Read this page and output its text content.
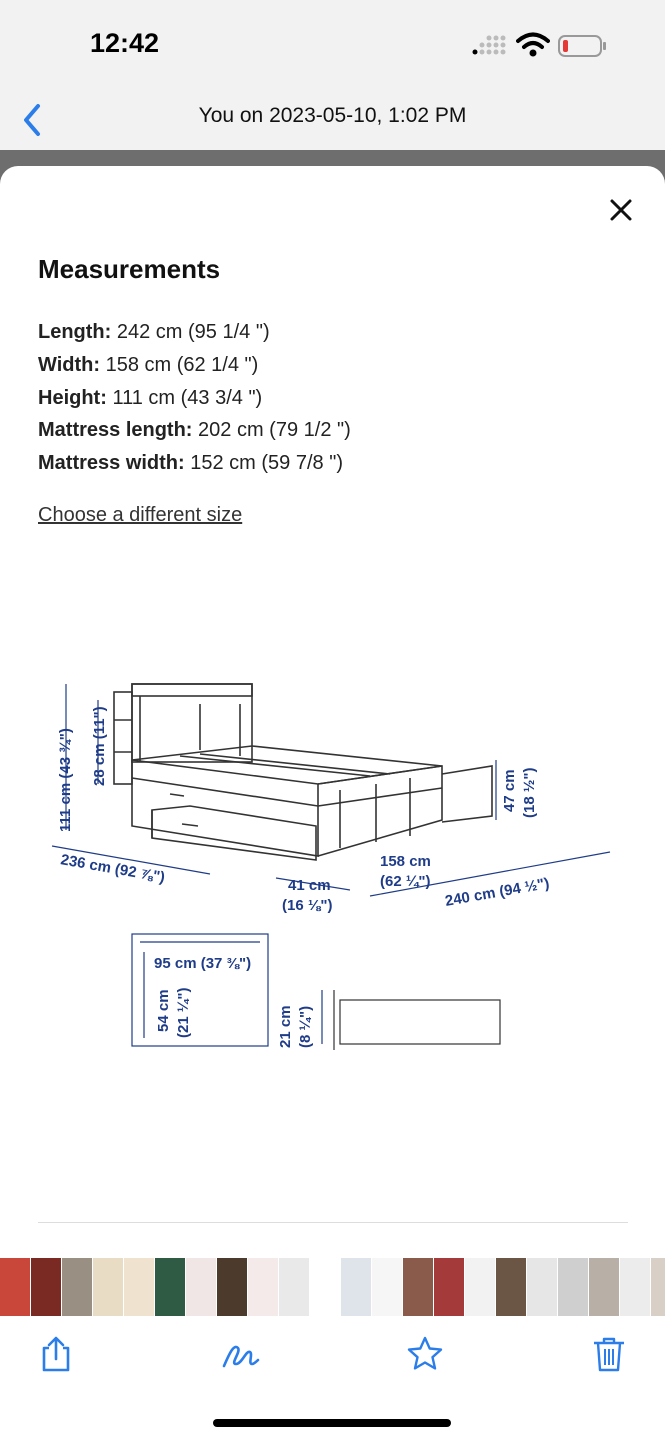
12:42
You on 2023-05-10, 1:02 PM
Measurements
Length: 242 cm (95 1/4 ")
Width: 158 cm (62 1/4 ")
Height: 111 cm (43 3/4 ")
Mattress length: 202 cm (79 1/2 ")
Mattress width: 152 cm (59 7/8 ")
Choose a different size
111 cm (43 ¾") 28 cm (11")
236 cm (92 ⅞")	41 cm
(16 ⅛")
158 cm
(62 ¼") 240 cm (94 ½")
47 cm (18 ½")
95 cm (37 ⅜")
54 cm (21 ¼")	21 cm (8 ¼")
